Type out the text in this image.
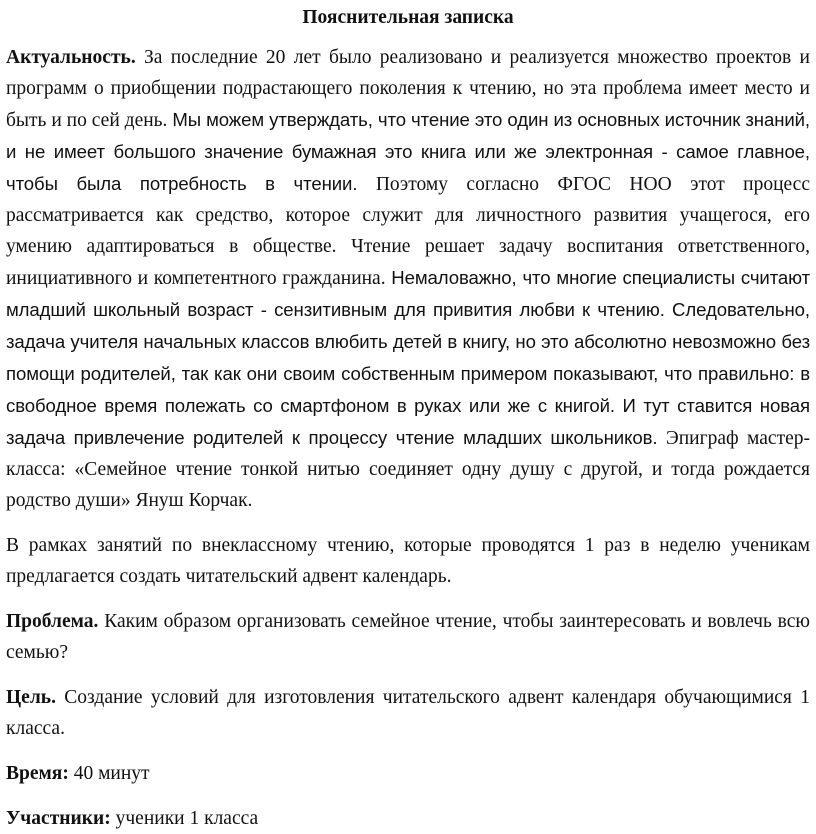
Пояснительная записка

Актуальность. За последние 20 лет было реализовано и реализуется множество проектов и программ о приобщении подрастающего поколения к чтению, но эта проблема имеет место и быть и по сей день. Мы можем утверждать, что чтение это один из основных источник знаний, и не имеет большого значение бумажная это книга или же электронная - самое главное, чтобы была потребность в чтении. Поэтому согласно ФГОС НОО этот процесс рассматривается как средство, которое служит для личностного развития учащегося, его умению адаптироваться в обществе. Чтение решает задачу воспитания ответственного, инициативного и компетентного гражданина. Немаловажно, что многие специалисты считают младший школьный возраст - сензитивным для привития любви к чтению. Следовательно, задача учителя начальных классов влюбить детей в книгу, но это абсолютно невозможно без помощи родителей, так как они своим собственным примером показывают, что правильно: в свободное время полежать со смартфоном в руках или же с книгой. И тут ставится новая задача привлечение родителей к процессу чтение младших школьников. Эпиграф мастер-класса: «Семейное чтение тонкой нитью соединяет одну душу с другой, и тогда рождается родство души» Януш Корчак.

В рамках занятий по внеклассному чтению, которые проводятся 1 раз в неделю ученикам предлагается создать читательский адвент календарь.

Проблема. Каким образом организовать семейное чтение, чтобы заинтересовать и вовлечь всю семью?

Цель. Создание условий для изготовления читательского адвент календаря обучающимися 1 класса.

Время: 40 минут

Участники: ученики 1 класса
